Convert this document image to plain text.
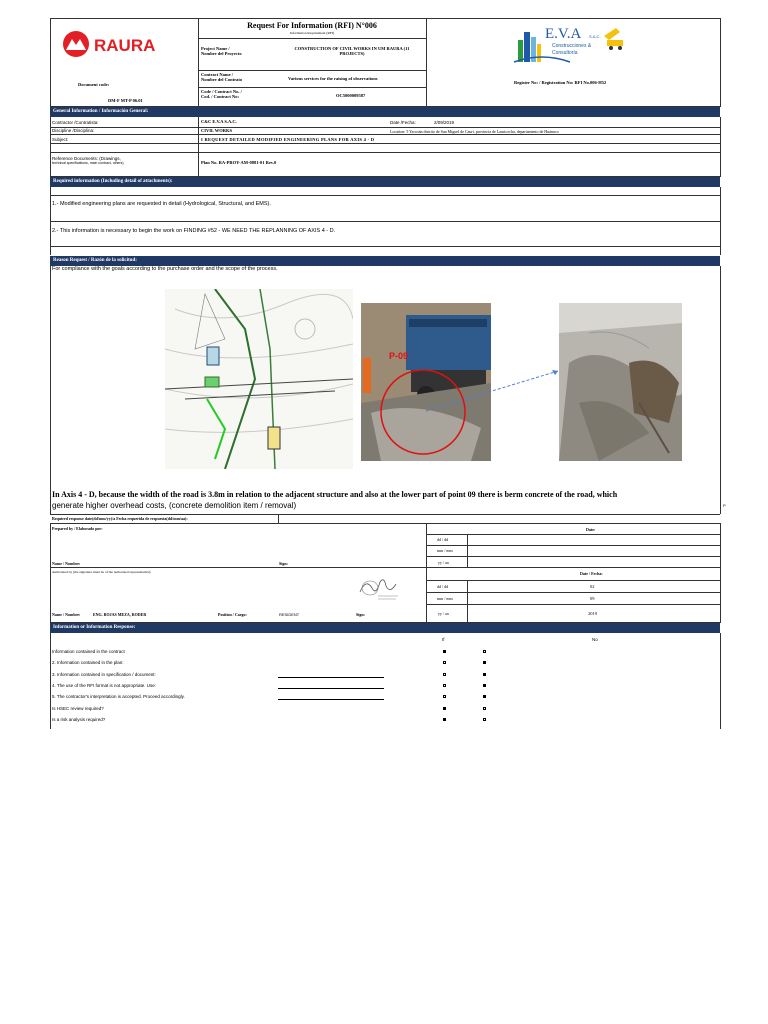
RAURA
Request For Information (RFI) N°006
Information Requirement (RFI)
Project Name /
Nombre del Proyecto
CONSTRUCTION OF CIVIL WORKS IN UM RAURA (11
PROJECTS)
Contract Name /
Nombre del Contrato	Various services for the raising of observations
Code / Contract No. /
Cod. / Contract No:	OC5000009587
Document code:
DM-F MT-P 06.01
E.V.A S.A.C.
Construcciones &
Consultoría
Register No: / Registration No: RFI No.006-H52
General Information / Información General:
Contractor /Contratista:	C&C E.V.A S.A.C.	Date /Fecha:	2/09/2019
Discipline /Disciplina:	CIVIL WORKS	Location: 5 Yacosán distrito de San Miguel de Cauri, provincia de Lauricocha, departamento de Huánuco
Subject:	I REQUEST DETAILED MODIFIED ENGINEERING PLANS FOR AXIS 4 - D
Reference Documents: (Drawings,
technical specifications, main contract, others)	Plan No. RA-PROY-AM-0881-01 Rev.0
Required information (Including detail of attachments):
1.- Modified engineering plans are requested in detail (Hydrological, Structural, and EMS).
2.- This information is necessary to begin the work on FINDING #52 - WE NEED THE REPLANNING OF AXIS 4 - D.
Reason Request / Razón de la solicitud:
For compliance with the goals according to the purchase order and the scope of the process.
P-09
In Axis 4 - D, because the width of the road is 3.8m in relation to the adjacent structure and also at the lower part of point 09 there is berm concrete of the road, which
generate higher overhead costs, (concrete demolition item / removal)	P
Required response date(dd/mm/yy)/a Fecha requerida de respuesta(dd/mm/aa):
Prepared by / Elaborado por:	Date:
dd / dd
mm / mm
yy / aa
Name / Nombre:	Sign:
Authorized by (the signature must be of the authorized representative):	Date / Fecha:
dd / dd	02
mm / mm	09
yy / aa	2019
Name / Nombre:	ENG. ROJAS MEZA, RODER	Position / Cargo:	RESIDENT	Sign:
Information or Information Response:
If	No
Information contained in the contract
2. Information contained in the plan:
3. Information contained in specification / document:
4. The use of the RFI format is not appropriate. Use:
5. The contractor's interpretation is accepted. Proceed accordingly.
Is HSEC review required?
Is a risk analysis required?
